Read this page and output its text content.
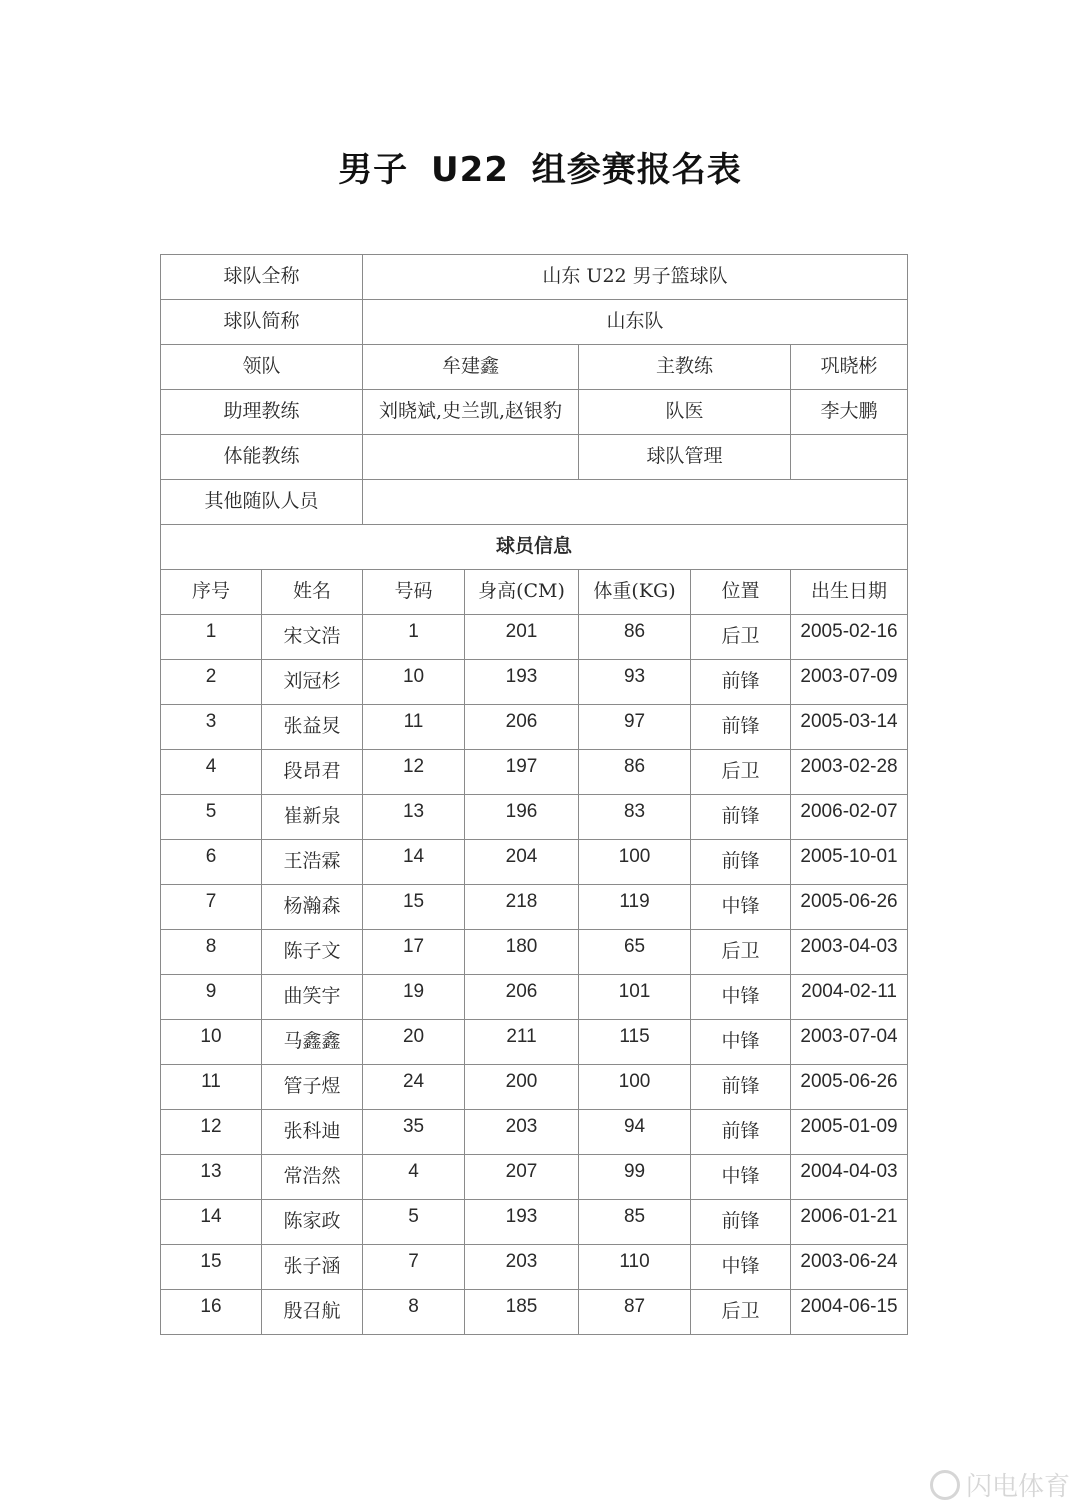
男子 U22 组参赛报名表
球队全称		山东 U22 男子篮球队				
球队简称		山东队				
领队		牟建鑫		主教练		巩晓彬
助理教练		刘晓斌,史兰凯,赵银豹		队医		李大鹏
体能教练				球队管理		
其他随队人员						
球员信息						
序号	姓名	号码	身高(CM)	体重(KG)	位置	出生日期
1	宋文浩	1	201	86	后卫	2005-02-16
2	刘冠杉	10	193	93	前锋	2003-07-09
3	张益炅	11	206	97	前锋	2005-03-14
4	段昂君	12	197	86	后卫	2003-02-28
5	崔新泉	13	196	83	前锋	2006-02-07
6	王浩霖	14	204	100	前锋	2005-10-01
7	杨瀚森	15	218	119	中锋	2005-06-26
8	陈子文	17	180	65	后卫	2003-04-03
9	曲笑宇	19	206	101	中锋	2004-02-11
10	马鑫鑫	20	211	115	中锋	2003-07-04
11	管子煜	24	200	100	前锋	2005-06-26
12	张科迪	35	203	94	前锋	2005-01-09
13	常浩然	4	207	99	中锋	2004-04-03
14	陈家政	5	193	85	前锋	2006-01-21
15	张子涵	7	203	110	中锋	2003-06-24
16	殷召航	8	185	87	后卫	2004-06-15
闪电体育
